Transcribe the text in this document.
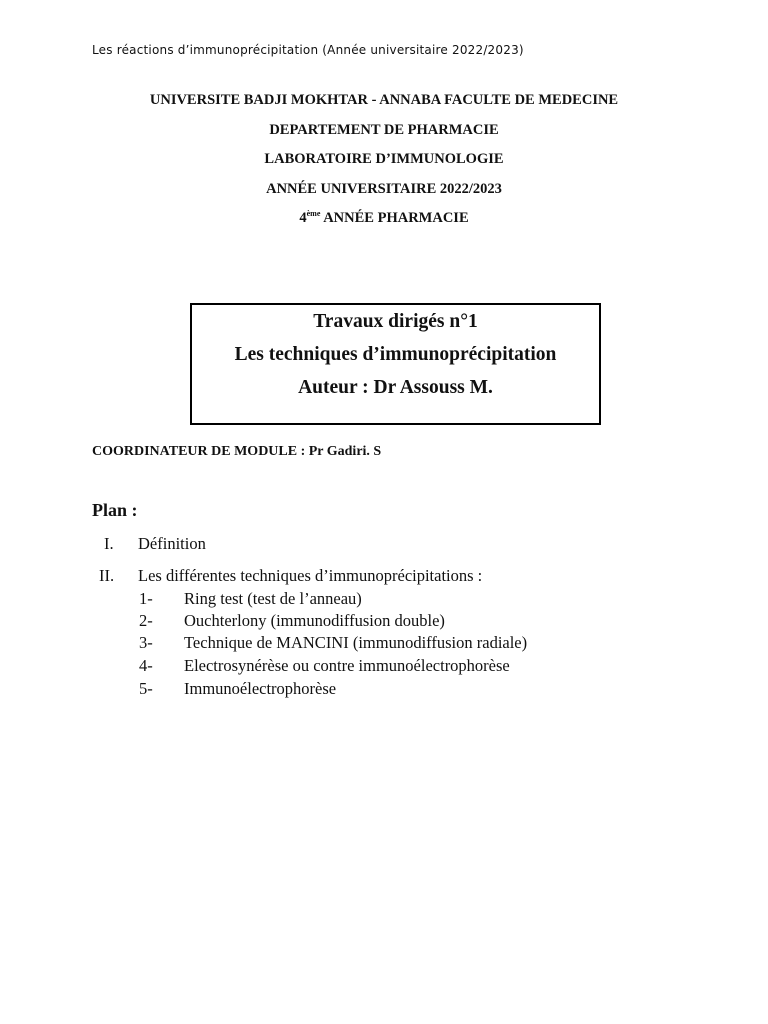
Les réactions d’immunoprécipitation (Année universitaire 2022/2023)
UNIVERSITE BADJI MOKHTAR - ANNABA FACULTE DE MEDECINE
DEPARTEMENT DE PHARMACIE
LABORATOIRE D’IMMUNOLOGIE
ANNÉE UNIVERSITAIRE 2022/2023
4ème ANNÉE PHARMACIE
Travaux dirigés n°1
Les techniques d’immunoprécipitation
Auteur : Dr Assouss M.
COORDINATEUR DE MODULE : Pr Gadiri. S
Plan :
I. Définition
II. Les différentes techniques d’immunoprécipitations :
1- Ring test (test de l’anneau)
2- Ouchterlony (immunodiffusion double)
3- Technique de MANCINI (immunodiffusion radiale)
4- Electrosynérèse ou contre immunoélectrophorèse
5- Immunoélectrophorèse
